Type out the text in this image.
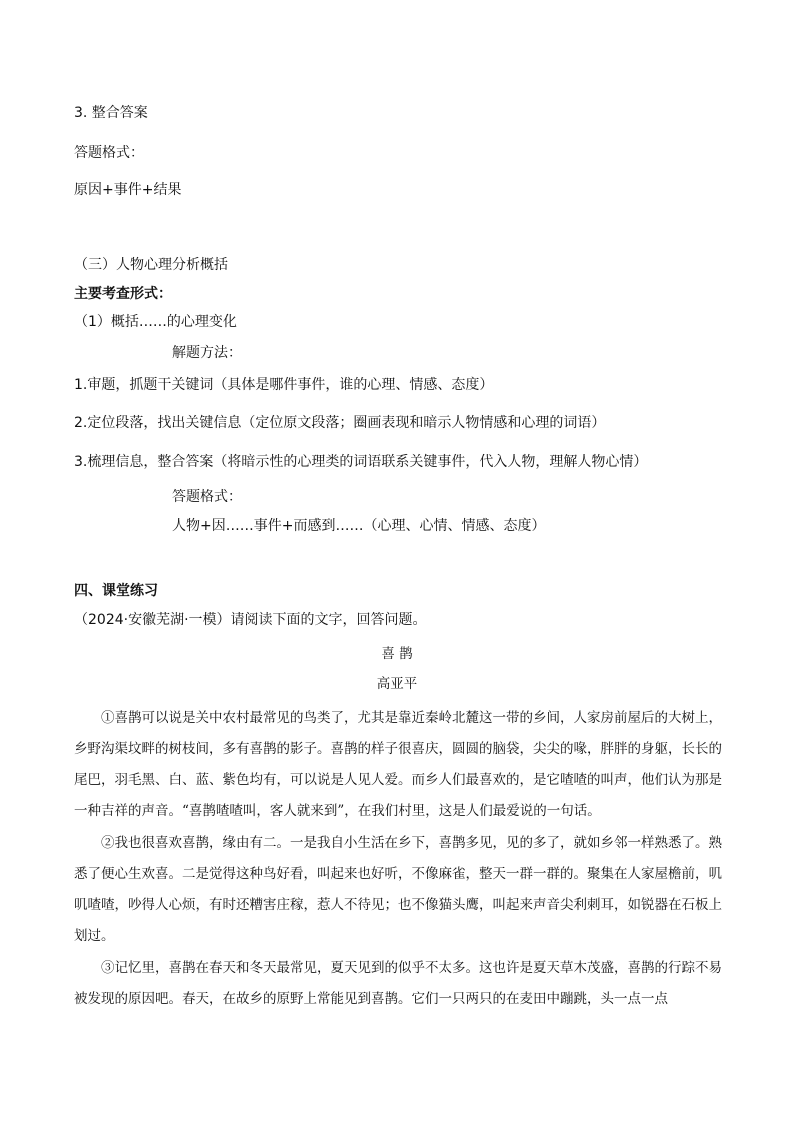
3. 整合答案
答题格式：
原因+事件+结果
（三）人物心理分析概括
主要考查形式：
（1）概括……的心理变化
解题方法：
1.审题，抓题干关键词（具体是哪件事件，谁的心理、情感、态度）
2.定位段落，找出关键信息（定位原文段落；圈画表现和暗示人物情感和心理的词语）
3.梳理信息，整合答案（将暗示性的心理类的词语联系关键事件，代入人物，理解人物心情）
答题格式：
人物+因……事件+而感到……（心理、心情、情感、态度）
四、课堂练习
（2024·安徽芜湖·一模）请阅读下面的文字，回答问题。
喜 鹊
高亚平

①喜鹊可以说是关中农村最常见的鸟类了，尤其是靠近秦岭北麓这一带的乡间，人家房前屋后的大树上，乡野沟渠坟畔的树枝间，多有喜鹊的影子。喜鹊的样子很喜庆，圆圆的脑袋，尖尖的喙，胖胖的身躯，长长的尾巴，羽毛黑、白、蓝、紫色均有，可以说是人见人爱。而乡人们最喜欢的，是它喳喳的叫声，他们认为那是一种吉祥的声音。“喜鹊喳喳叫，客人就来到”，在我们村里，这是人们最爱说的一句话。

②我也很喜欢喜鹊，缘由有二。一是我自小生活在乡下，喜鹊多见，见的多了，就如乡邻一样熟悉了。熟悉了便心生欢喜。二是觉得这种鸟好看，叫起来也好听，不像麻雀，整天一群一群的。聚集在人家屋檐前，叽叽喳喳，吵得人心烦，有时还糟害庄稼，惹人不待见；也不像猫头鹰，叫起来声音尖利刺耳，如锐器在石板上划过。

③记忆里，喜鹊在春天和冬天最常见，夏天见到的似乎不太多。这也许是夏天草木茂盛，喜鹊的行踪不易被发现的原因吧。春天，在故乡的原野上常能见到喜鹊。它们一只两只的在麦田中蹦跳，头一点一点
